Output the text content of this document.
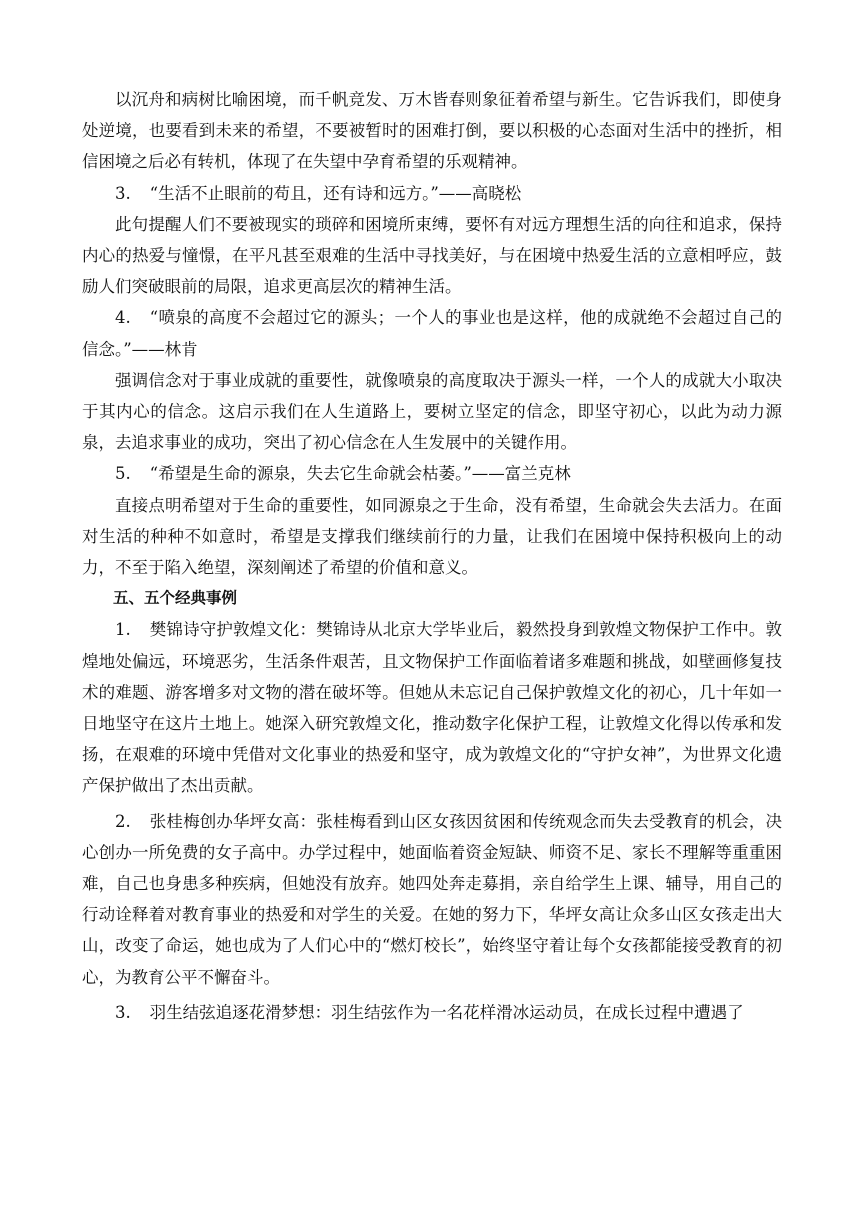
以沉舟和病树比喻困境，而千帆竞发、万木皆春则象征着希望与新生。它告诉我们，即使身处逆境，也要看到未来的希望，不要被暂时的困难打倒，要以积极的心态面对生活中的挫折，相信困境之后必有转机，体现了在失望中孕育希望的乐观精神。

3. “生活不止眼前的苟且，还有诗和远方。”——高晓松

此句提醒人们不要被现实的琐碎和困境所束缚，要怀有对远方理想生活的向往和追求，保持内心的热爱与憧憬，在平凡甚至艰难的生活中寻找美好，与在困境中热爱生活的立意相呼应，鼓励人们突破眼前的局限，追求更高层次的精神生活。

4. “喷泉的高度不会超过它的源头；一个人的事业也是这样，他的成就绝不会超过自己的信念。”——林肯

强调信念对于事业成就的重要性，就像喷泉的高度取决于源头一样，一个人的成就大小取决于其内心的信念。这启示我们在人生道路上，要树立坚定的信念，即坚守初心，以此为动力源泉，去追求事业的成功，突出了初心信念在人生发展中的关键作用。

5. “希望是生命的源泉，失去它生命就会枯萎。”——富兰克林

直接点明希望对于生命的重要性，如同源泉之于生命，没有希望，生命就会失去活力。在面对生活的种种不如意时，希望是支撑我们继续前行的力量，让我们在困境中保持积极向上的动力，不至于陷入绝望，深刻阐述了希望的价值和意义。

五、五个经典事例

1. 樊锦诗守护敦煌文化：樊锦诗从北京大学毕业后，毅然投身到敦煌文物保护工作中。敦煌地处偏远，环境恶劣，生活条件艰苦，且文物保护工作面临着诸多难题和挑战，如壁画修复技术的难题、游客增多对文物的潜在破坏等。但她从未忘记自己保护敦煌文化的初心，几十年如一日地坚守在这片土地上。她深入研究敦煌文化，推动数字化保护工程，让敦煌文化得以传承和发扬，在艰难的环境中凭借对文化事业的热爱和坚守，成为敦煌文化的“守护女神”，为世界文化遗产保护做出了杰出贡献。

2. 张桂梅创办华坪女高：张桂梅看到山区女孩因贫困和传统观念而失去受教育的机会，决心创办一所免费的女子高中。办学过程中，她面临着资金短缺、师资不足、家长不理解等重重困难，自己也身患多种疾病，但她没有放弃。她四处奔走募捐，亲自给学生上课、辅导，用自己的行动诠释着对教育事业的热爱和对学生的关爱。在她的努力下，华坪女高让众多山区女孩走出大山，改变了命运，她也成为了人们心中的“燃灯校长”，始终坚守着让每个女孩都能接受教育的初心，为教育公平不懈奋斗。

3. 羽生结弦追逐花滑梦想：羽生结弦作为一名花样滑冰运动员，在成长过程中遭遇了
